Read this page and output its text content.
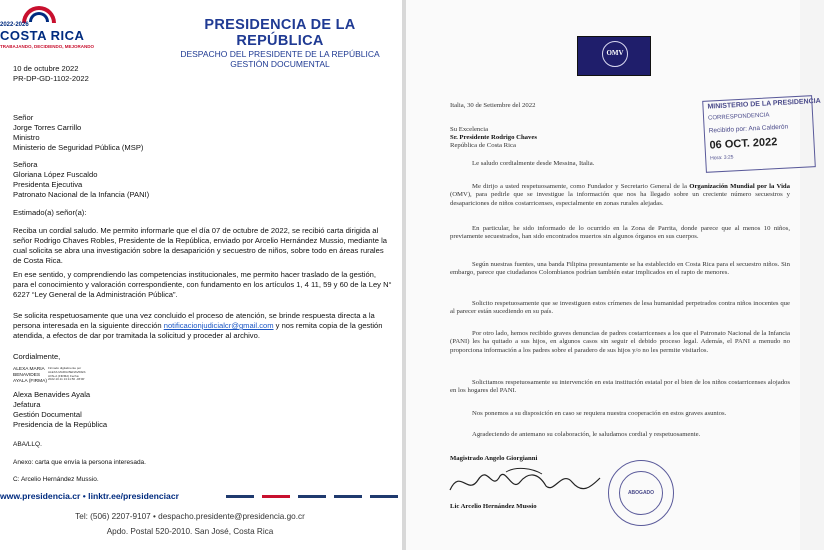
2022-2026
COSTA RICA
TRABAJANDO, DECIDIENDO, MEJORANDO
PRESIDENCIA DE LA REPÚBLICA
DESPACHO DEL PRESIDENTE DE LA REPÚBLICA
GESTIÓN DOCUMENTAL
10 de octubre 2022
PR-DP-GD-1102-2022
Señor
Jorge Torres Carrillo
Ministro
Ministerio de Seguridad Pública (MSP)
Señora
Gloriana López Fuscaldo
Presidenta Ejecutiva
Patronato Nacional de la Infancia (PANI)
Estimado(a) señor(a):
Reciba un cordial saludo. Me permito informarle que el día 07 de octubre de 2022, se recibió carta dirigida al señor Rodrigo Chaves Robles, Presidente de la República, enviado por Arcelio Hernández Mussio, mediante la cual solicita se abra una investigación sobre la desaparición y secuestro de niños, sobre todo en áreas rurales de Costa Rica.
En ese sentido, y comprendiendo las competencias institucionales, me permito hacer traslado de la gestión, para el conocimiento y valoración correspondiente, con fundamento en los artículos 1, 4 11, 59 y 60 de la Ley N° 6227 “Ley General de la Administración Pública”.
Se solicita respetuosamente que una vez concluido el proceso de atención, se brinde respuesta directa a la persona interesada en la siguiente dirección notificacionjudicialcr@gmail.com y nos remita copia de la gestión atendida, a efectos de dar por tramitada la solicitud y proceder al archivo.
Cordialmente,
ALEXA MARIA BENAVIDES AYALA (FIRMA)
Firmado digitalmente por ALEXA MARIA BENAVIDES AYALA (FIRMA) Fecha: 2022.10.11 13:11:56 -06'00'
Alexa Benavides Ayala
Jefatura
Gestión Documental
Presidencia de la República
ABA/LLQ.
Anexo: carta que envía la persona interesada.
C: Arcelio Hernández Mussio.
www.presidencia.cr • linktr.ee/presidenciacr
Tel: (506) 2207-9107 • despacho.presidente@presidencia.go.cr
Apdo. Postal 520-2010. San José, Costa Rica
OMV
MINISTERIO DE LA PRESIDENCIA
CORRESPONDENCIA
Recibido por: Ana Calderón
06 OCT. 2022
Hora: 3:25
Italia, 30 de Setiembre del 2022
Su Excelencia
Sr. Presidente Rodrigo Chaves
República de Costa Rica
Le saludo cordialmente desde Messina, Italia.
Me dirijo a usted respetuosamente, como Fundador y Secretario General de la Organización Mundial por la Vida (OMV), para pedirle que se investigue la información que nos ha llegado sobre un creciente número secuestros y desapariciones de niños costarricenses, especialmente en zonas rurales alejadas.
En particular, he sido informado de lo ocurrido en la Zona de Parrita, donde parece que al menos 10 niños, previamente secuestrados, han sido encontrados muertos sin algunos órganos en sus cuerpos.
Según nuestras fuentes, una banda Filipina presuntamente se ha establecido en Costa Rica para el secuestro niños. Sin embargo, parece que ciudadanos Colombianos podrían también estar implicados en el rapto de menores.
Solicito respetuosamente que se investiguen estos crímenes de lesa humanidad perpetrados contra niños inocentes que al parecer están sucediendo en su país.
Por otro lado, hemos recibido graves denuncias de padres costarricenses a los que el Patronato Nacional de la Infancia (PANI) les ha quitado a sus hijos, en algunos casos sin seguir el debido proceso legal. Además, el PANI a menudo no proporciona información a los padres sobre el paradero de sus hijos y/o no les permite visitarlos.
Solicitamos respetuosamente su intervención en esta institución estatal por el bien de los niños costarricenses alojados en los hogares del PANI.
Nos ponemos a su disposición en caso se requiera nuestra cooperación en estos graves asuntos.
Agradeciendo de antemano su colaboración, le saludamos cordial y respetuosamente.
Magistrado Angelo Giorgianni
Lic Arcelio Hernández Mussio
ABOGADO
